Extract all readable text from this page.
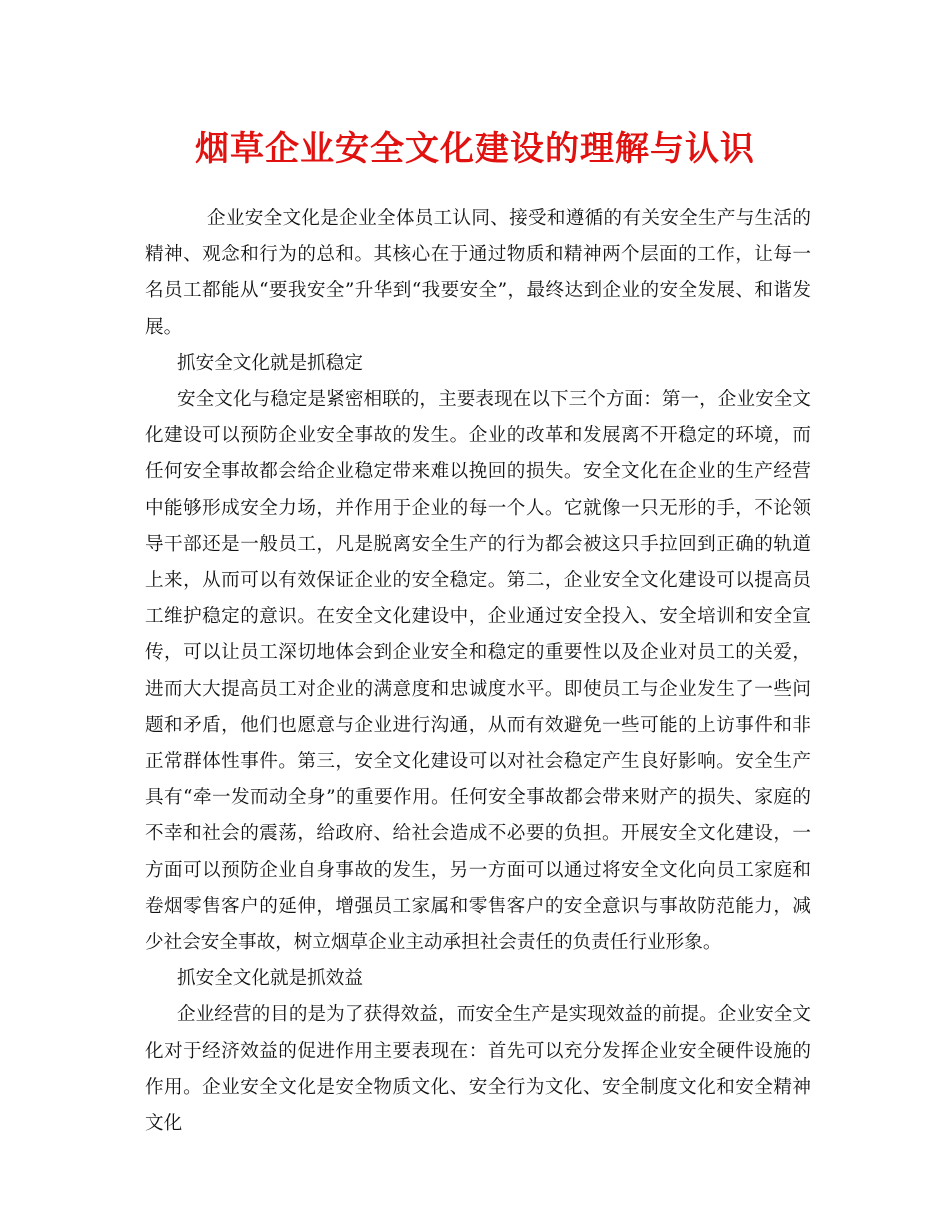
烟草企业安全文化建设的理解与认识

企业安全文化是企业全体员工认同、接受和遵循的有关安全生产与生活的精神、观念和行为的总和。其核心在于通过物质和精神两个层面的工作，让每一名员工都能从“要我安全”升华到“我要安全”，最终达到企业的安全发展、和谐发展。

抓安全文化就是抓稳定

安全文化与稳定是紧密相联的，主要表现在以下三个方面：第一，企业安全文化建设可以预防企业安全事故的发生。企业的改革和发展离不开稳定的环境，而任何安全事故都会给企业稳定带来难以挽回的损失。安全文化在企业的生产经营中能够形成安全力场，并作用于企业的每一个人。它就像一只无形的手，不论领导干部还是一般员工，凡是脱离安全生产的行为都会被这只手拉回到正确的轨道上来，从而可以有效保证企业的安全稳定。第二，企业安全文化建设可以提高员工维护稳定的意识。在安全文化建设中，企业通过安全投入、安全培训和安全宣传，可以让员工深切地体会到企业安全和稳定的重要性以及企业对员工的关爱，进而大大提高员工对企业的满意度和忠诚度水平。即使员工与企业发生了一些问题和矛盾，他们也愿意与企业进行沟通，从而有效避免一些可能的上访事件和非正常群体性事件。第三，安全文化建设可以对社会稳定产生良好影响。安全生产具有“牵一发而动全身”的重要作用。任何安全事故都会带来财产的损失、家庭的不幸和社会的震荡，给政府、给社会造成不必要的负担。开展安全文化建设，一方面可以预防企业自身事故的发生，另一方面可以通过将安全文化向员工家庭和卷烟零售客户的延伸，增强员工家属和零售客户的安全意识与事故防范能力，减少社会安全事故，树立烟草企业主动承担社会责任的负责任行业形象。

抓安全文化就是抓效益

企业经营的目的是为了获得效益，而安全生产是实现效益的前提。企业安全文化对于经济效益的促进作用主要表现在：首先可以充分发挥企业安全硬件设施的作用。企业安全文化是安全物质文化、安全行为文化、安全制度文化和安全精神文化
